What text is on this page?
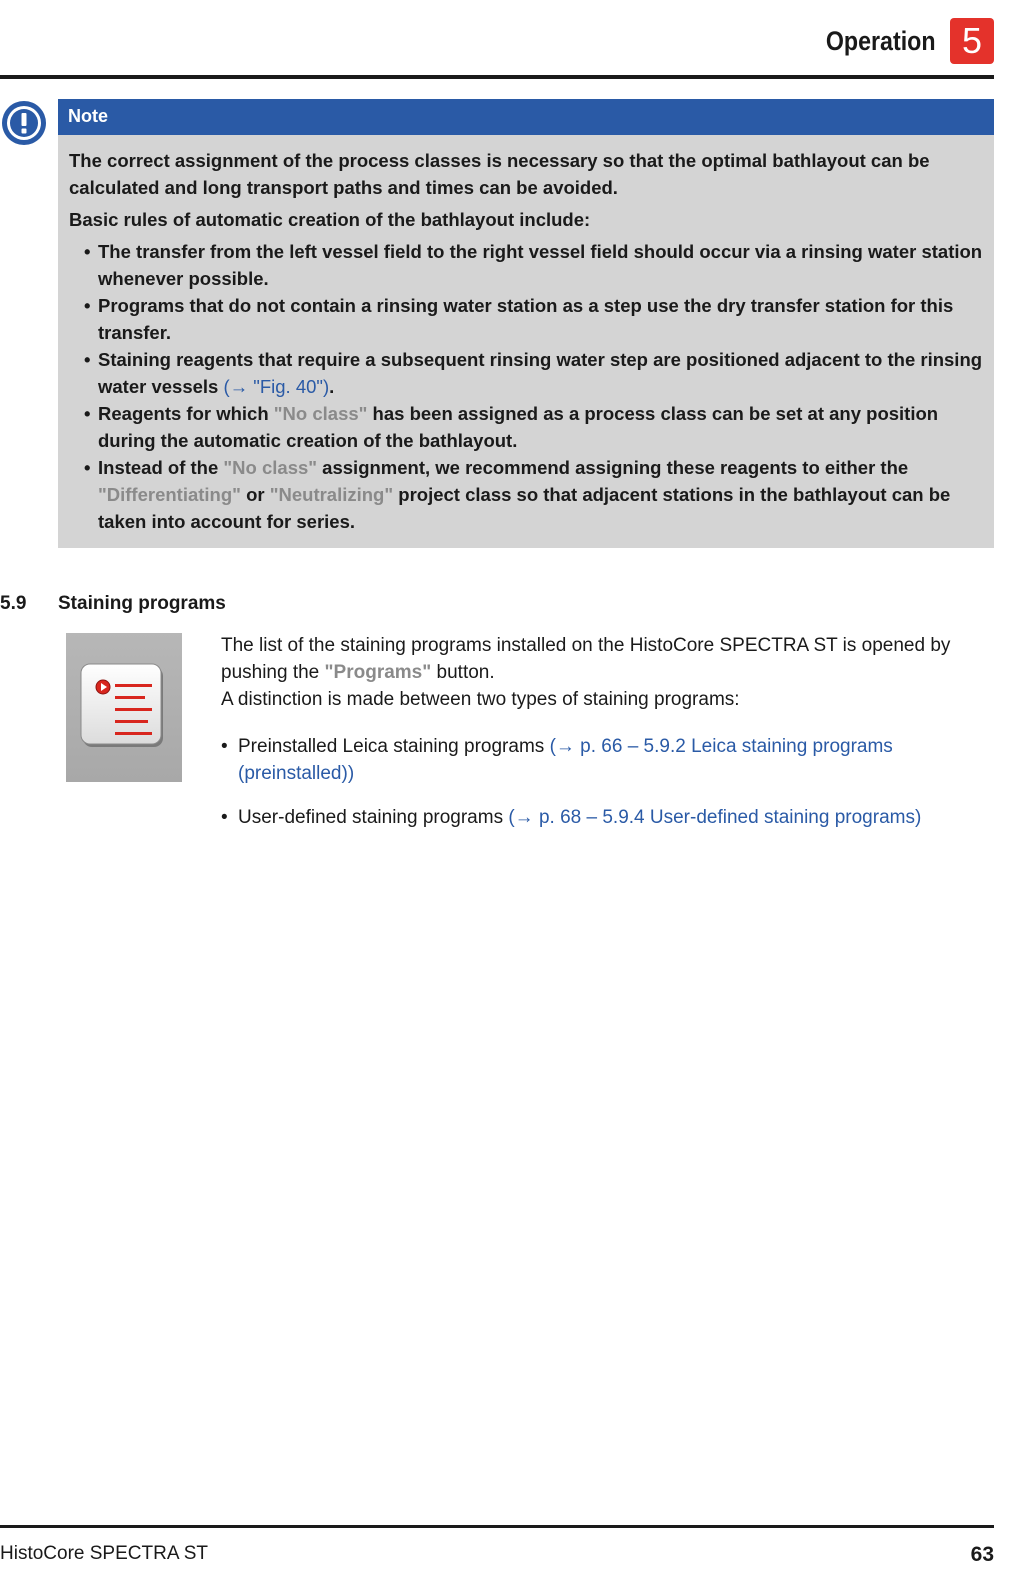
Operation 5
Note

The correct assignment of the process classes is necessary so that the optimal bathlayout can be calculated and long transport paths and times can be avoided.

Basic rules of automatic creation of the bathlayout include:

• The transfer from the left vessel field to the right vessel field should occur via a rinsing water station whenever possible.
• Programs that do not contain a rinsing water station as a step use the dry transfer station for this transfer.
• Staining reagents that require a subsequent rinsing water step are positioned adjacent to the rinsing water vessels (→ "Fig. 40").
• Reagents for which "No class" has been assigned as a process class can be set at any position during the automatic creation of the bathlayout.
• Instead of the "No class" assignment, we recommend assigning these reagents to either the "Differentiating" or "Neutralizing" project class so that adjacent stations in the bathlayout can be taken into account for series.
5.9 Staining programs

The list of the staining programs installed on the HistoCore SPECTRA ST is opened by pushing the "Programs" button.

A distinction is made between two types of staining programs:

• Preinstalled Leica staining programs (→ p. 66 – 5.9.2 Leica staining programs (preinstalled))
• User-defined staining programs (→ p. 68 – 5.9.4 User-defined staining programs)
HistoCore SPECTRA ST	63
